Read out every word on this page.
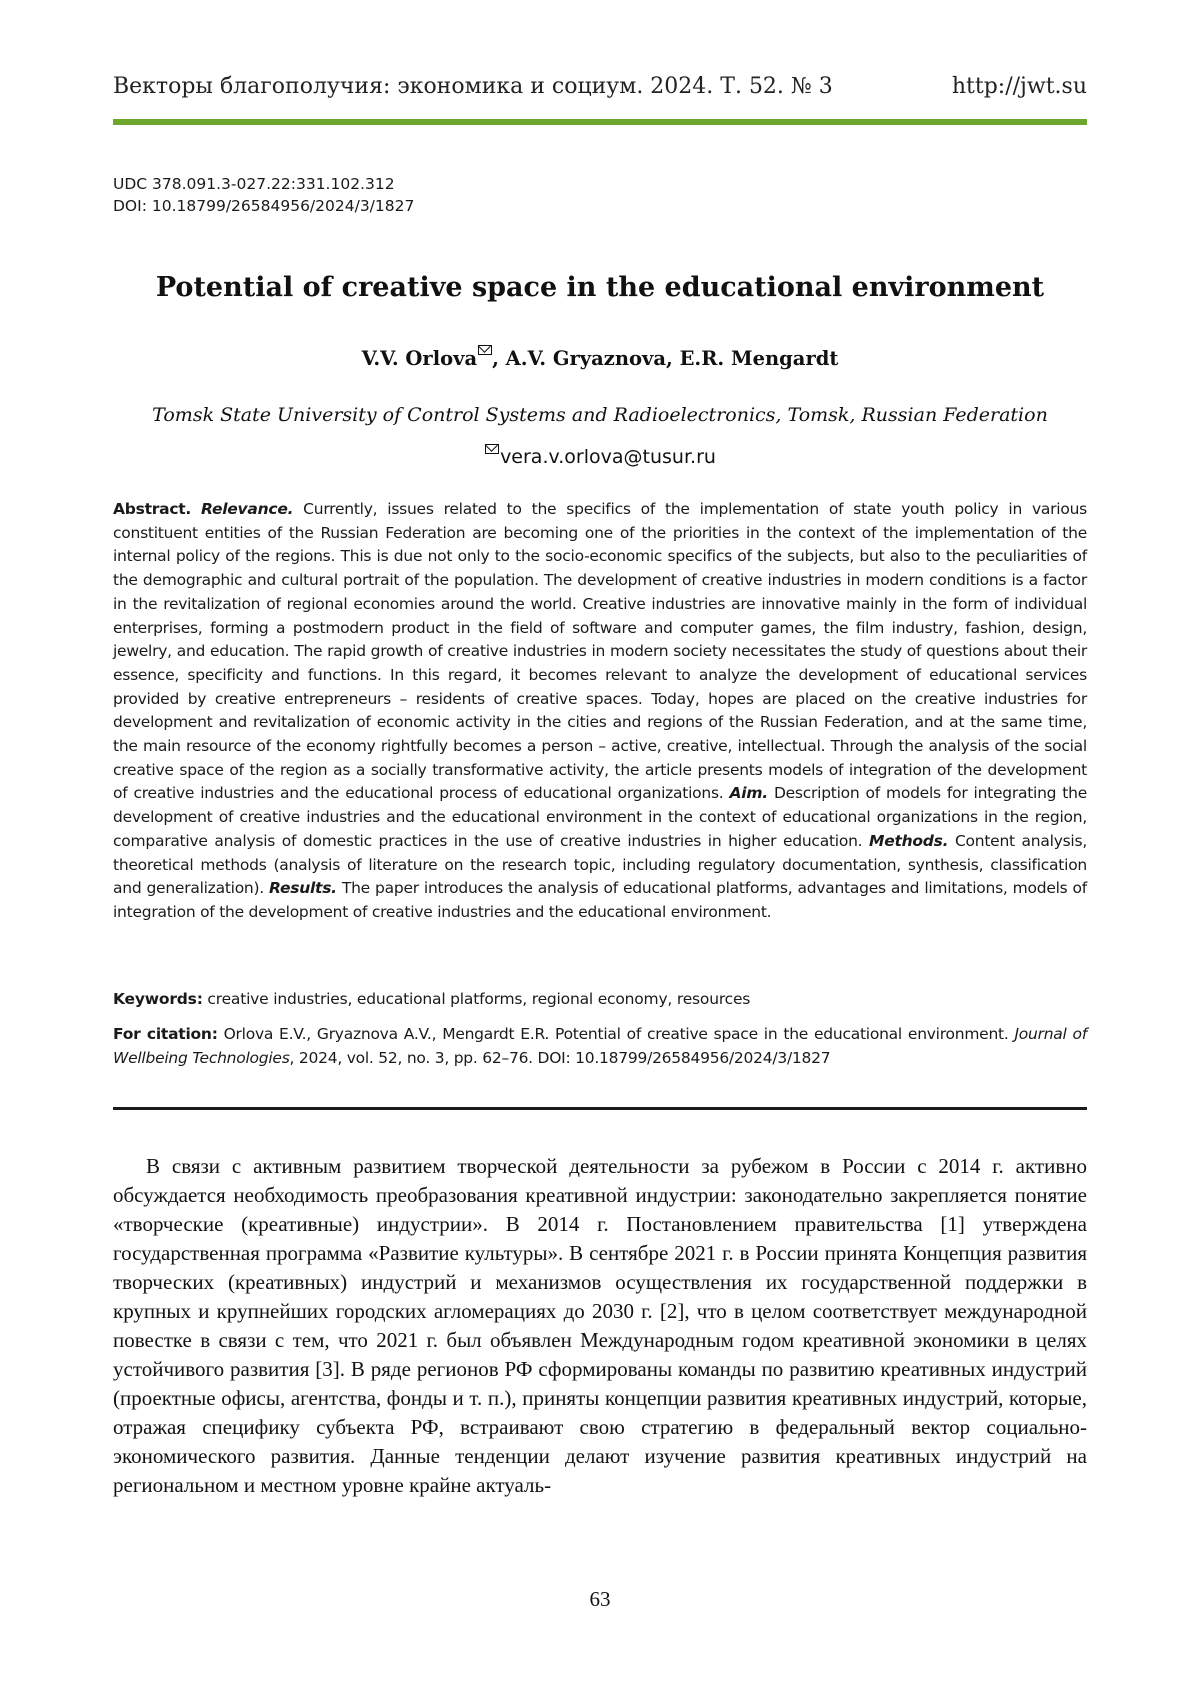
Векторы благополучия: экономика и социум. 2024. Т. 52. № 3	http://jwt.su
UDC 378.091.3-027.22:331.102.312
DOI: 10.18799/26584956/2024/3/1827
Potential of creative space in the educational environment
V.V. Orlova , A.V. Gryaznova, E.R. Mengardt
Tomsk State University of Control Systems and Radioelectronics, Tomsk, Russian Federation
vera.v.orlova@tusur.ru
Abstract. Relevance. Currently, issues related to the specifics of the implementation of state youth policy in various constituent entities of the Russian Federation are becoming one of the priorities in the context of the implementation of the internal policy of the regions. This is due not only to the socio-economic specifics of the subjects, but also to the peculiarities of the demographic and cultural portrait of the population. The development of creative industries in modern conditions is a factor in the revitalization of regional economies around the world. Creative industries are innovative mainly in the form of individual enterprises, forming a postmodern product in the field of software and computer games, the film industry, fashion, design, jewelry, and education. The rapid growth of creative industries in modern society necessitates the study of questions about their essence, specificity and functions. In this regard, it becomes relevant to analyze the development of educational services provided by creative entrepreneurs – residents of creative spaces. Today, hopes are placed on the creative industries for development and revitalization of economic activity in the cities and regions of the Russian Federation, and at the same time, the main resource of the economy rightfully becomes a person – active, creative, intellectual. Through the analysis of the social creative space of the region as a socially transformative activity, the article presents models of integration of the development of creative industries and the educational process of educational organizations. Aim. Description of models for integrating the development of creative industries and the educational environment in the context of educational organizations in the region, comparative analysis of domestic practices in the use of creative industries in higher education. Methods. Content analysis, theoretical methods (analysis of literature on the research topic, including regulatory documentation, synthesis, classification and generalization). Results. The paper introduces the analysis of educational platforms, advantages and limitations, models of integration of the development of creative industries and the educational environment.
Keywords: creative industries, educational platforms, regional economy, resources
For citation: Orlova E.V., Gryaznova A.V., Mengardt E.R. Potential of creative space in the educational environment. Journal of Wellbeing Technologies, 2024, vol. 52, no. 3, pp. 62–76. DOI: 10.18799/26584956/2024/3/1827
В связи с активным развитием творческой деятельности за рубежом в России с 2014 г. активно обсуждается необходимость преобразования креативной индустрии: законодательно закрепляется понятие «творческие (креативные) индустрии». В 2014 г. Постановлением правительства [1] утверждена государственная программа «Развитие культуры». В сентябре 2021 г. в России принята Концепция развития творческих (креативных) индустрий и механизмов осуществления их государственной поддержки в крупных и крупнейших городских агломерациях до 2030 г. [2], что в целом соответствует международной повестке в связи с тем, что 2021 г. был объявлен Международным годом креативной экономики в целях устойчивого развития [3]. В ряде регионов РФ сформированы команды по развитию креативных индустрий (проектные офисы, агентства, фонды и т. п.), приняты концепции развития креативных индустрий, которые, отражая специфику субъекта РФ, встраивают свою стратегию в федеральный вектор социально-экономического развития. Данные тенденции делают изучение развития креативных индустрий на региональном и местном уровне крайне актуаль-
63
